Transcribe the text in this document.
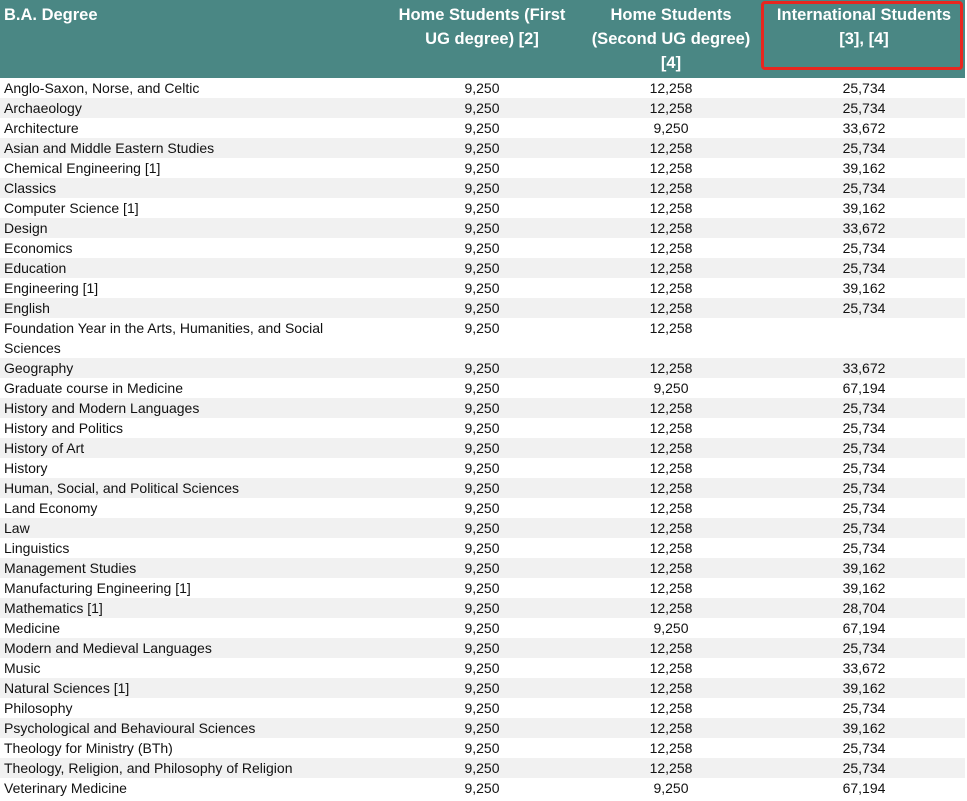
B.A. Degree	Home Students (First UG degree) [2]	Home Students (Second UG degree) [4]	International Students [3], [4]
Anglo-Saxon, Norse, and Celtic	9,250	12,258	25,734
Archaeology	9,250	12,258	25,734
Architecture	9,250	9,250	33,672
Asian and Middle Eastern Studies	9,250	12,258	25,734
Chemical Engineering [1]	9,250	12,258	39,162
Classics	9,250	12,258	25,734
Computer Science [1]	9,250	12,258	39,162
Design	9,250	12,258	33,672
Economics	9,250	12,258	25,734
Education	9,250	12,258	25,734
Engineering [1]	9,250	12,258	39,162
English	9,250	12,258	25,734
Foundation Year in the Arts, Humanities, and Social Sciences	9,250	12,258	
Geography	9,250	12,258	33,672
Graduate course in Medicine	9,250	9,250	67,194
History and Modern Languages	9,250	12,258	25,734
History and Politics	9,250	12,258	25,734
History of Art	9,250	12,258	25,734
History	9,250	12,258	25,734
Human, Social, and Political Sciences	9,250	12,258	25,734
Land Economy	9,250	12,258	25,734
Law	9,250	12,258	25,734
Linguistics	9,250	12,258	25,734
Management Studies	9,250	12,258	39,162
Manufacturing Engineering [1]	9,250	12,258	39,162
Mathematics [1]	9,250	12,258	28,704
Medicine	9,250	9,250	67,194
Modern and Medieval Languages	9,250	12,258	25,734
Music	9,250	12,258	33,672
Natural Sciences [1]	9,250	12,258	39,162
Philosophy	9,250	12,258	25,734
Psychological and Behavioural Sciences	9,250	12,258	39,162
Theology for Ministry (BTh)	9,250	12,258	25,734
Theology, Religion, and Philosophy of Religion	9,250	12,258	25,734
Veterinary Medicine	9,250	9,250	67,194
